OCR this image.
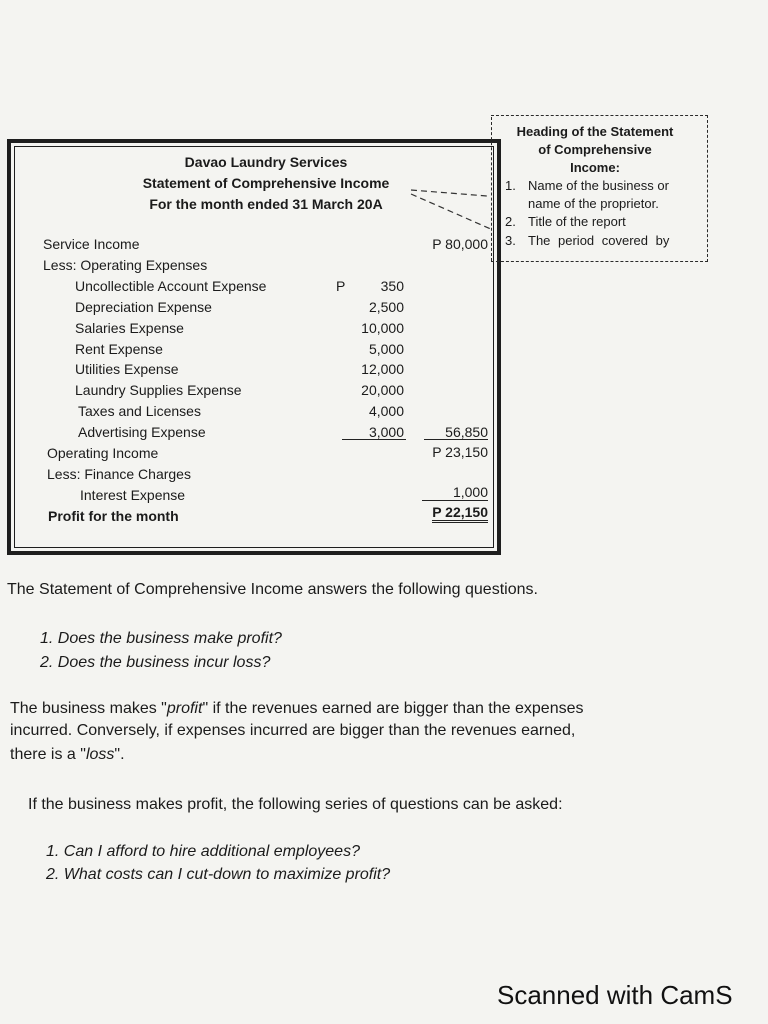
Davao Laundry Services
Statement of Comprehensive Income
For the month ended 31 March 20A
Service Income	P 80,000
Less: Operating Expenses
Uncollectible Account Expense	P	350
Depreciation Expense	2,500
Salaries Expense	10,000
Rent Expense	5,000
Utilities Expense	12,000
Laundry Supplies Expense	20,000
Taxes and Licenses	4,000
Advertising Expense	3,000	56,850
Operating Income	P 23,150
Less: Finance Charges
Interest Expense	1,000
Profit for the month	P 22,150
Heading of the Statement
of Comprehensive
Income:
1. Name of the business or
name of the proprietor.
2. Title of the report
3. The period covered by
The Statement of Comprehensive Income answers the following questions.
1. Does the business make profit?
2. Does the business incur loss?
The business makes "profit" if the revenues earned are bigger than the expenses
incurred. Conversely, if expenses incurred are bigger than the revenues earned,
there is a "loss".
If the business makes profit, the following series of questions can be asked:
1. Can I afford to hire additional employees?
2. What costs can I cut-down to maximize profit?
Scanned with CamS
